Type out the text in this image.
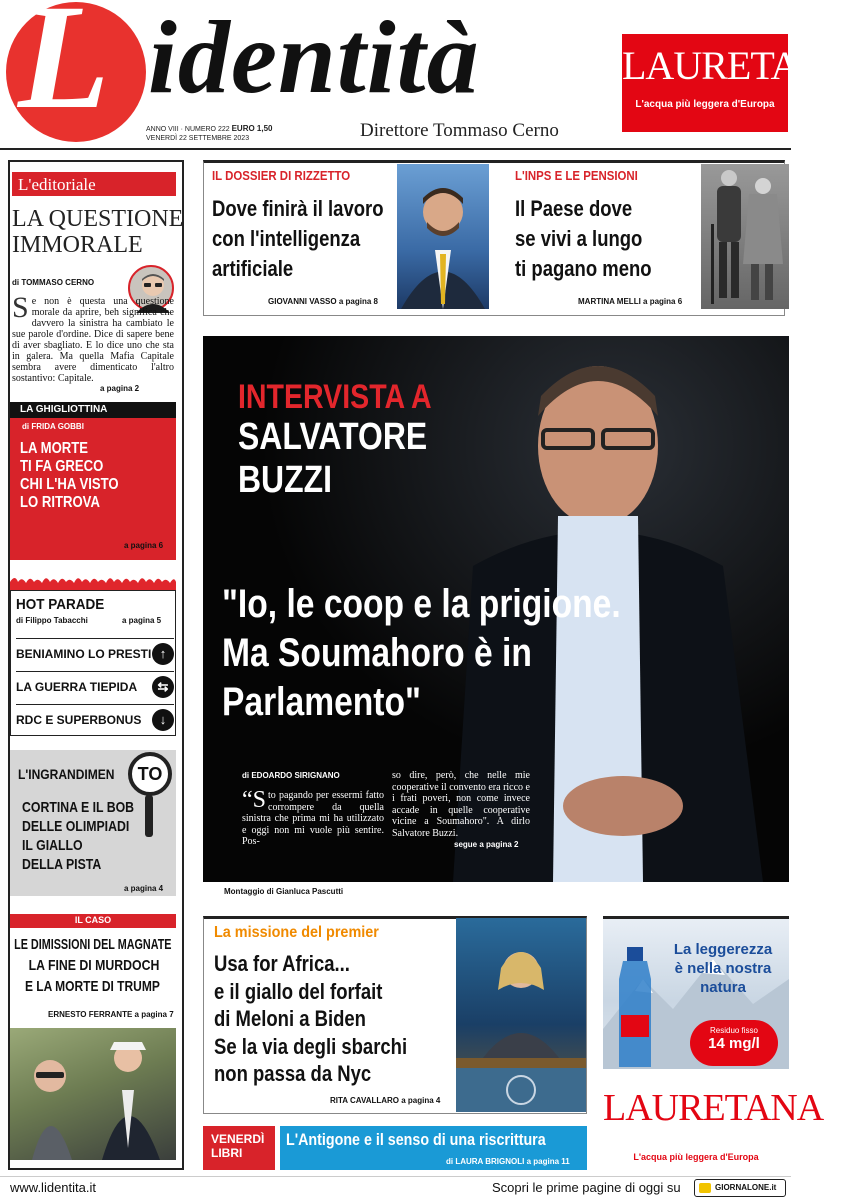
L identità
ANNO VIII · NUMERO 222 EURO 1,50
VENERDÌ 22 SETTEMBRE 2023	Direttore Tommaso Cerno
LAURETANA
L'acqua più leggera d'Europa
L'editoriale
LA QUESTIONE
IMMORALE
di TOMMASO CERNO
Se non è questa una questione morale da aprire, beh significa che davvero la sinistra ha cambiato le sue parole d'ordine. Dice di sapere bene di aver sbagliato. E lo dice uno che sta in galera. Ma quella Mafia Capitale sembra avere dimenticato l'altro sostantivo: Capitale.
a pagina 2
LA GHIGLIOTTINA
di FRIDA GOBBI
LA MORTE
TI FA GRECO
CHI L'HA VISTO
LO RITROVA
a pagina 6
HOT PARADE
di Filippo Tabacchi	a pagina 5
BENIAMINO LO PRESTI ↑
LA GUERRA TIEPIDA	⇆
RDC E SUPERBONUS	↓
L'INGRANDIMEN TO
CORTINA E IL BOB
DELLE OLIMPIADI
IL GIALLO
DELLA PISTA
a pagina 4
IL CASO
LE DIMISSIONI DEL MAGNATE
LA FINE DI MURDOCH
E LA MORTE DI TRUMP
ERNESTO FERRANTE a pagina 7
IL DOSSIER DI RIZZETTO
Dove finirà il lavoro
con l'intelligenza
artificiale
GIOVANNI VASSO a pagina 8
L'INPS E LE PENSIONI
Il Paese dove
se vivi a lungo
ti pagano meno
MARTINA MELLI a pagina 6
INTERVISTA A
SALVATORE
BUZZI
"Io, le coop e la prigione.
Ma Soumahoro è in
Parlamento"
di EDOARDO SIRIGNANO
“Sto pagando per essermi fatto corrompere da quella sinistra che prima mi ha utilizzato e oggi non mi vuole più sentire. Pos-
so dire, però, che nelle mie cooperative il convento era ricco e i frati poveri, non come invece accade in quelle cooperative vicine a Soumahoro". A dirlo Salvatore Buzzi.
segue a pagina 2
Montaggio di Gianluca Pascutti
La missione del premier
Usa for Africa...
e il giallo del forfait
di Meloni a Biden
Se la via degli sbarchi
non passa da Nyc
RITA CAVALLARO a pagina 4
La leggerezza
è nella nostra
natura
Residuo fisso
14 mg/l
LAURETANA
L'acqua più leggera d'Europa
VENERDÌ
LIBRI
L'Antigone e il senso di una riscrittura
di LAURA BRIGNOLI a pagina 11
www.lidentita.it	Scopri le prime pagine di oggi su	GIORNALONE.it
